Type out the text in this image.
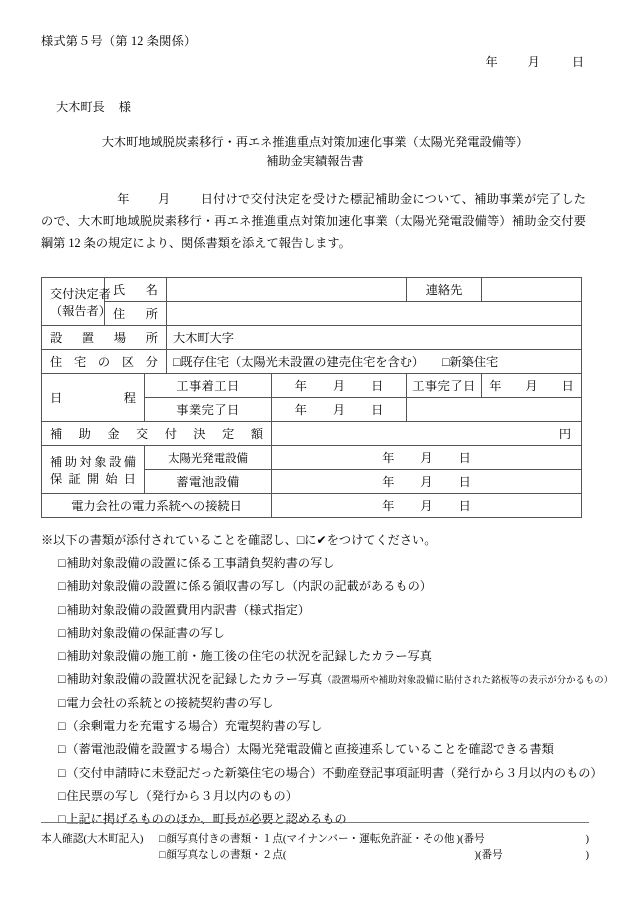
様式第５号（第 12 条関係）
年 月	日
大木町長 様
大木町地域脱炭素移行・再エネ推進重点対策加速化事業（太陽光発電設備等）
補助金実績報告書
年 月 日付けで交付決定を受けた標記補助金について、補助事業が完了したので、大木町地域脱炭素移行・再エネ推進重点対策加速化事業（太陽光発電設備等）補助金交付要綱第 12 条の規定により、関係書類を添えて報告します。
交付決定者
（報告者）	氏　名				連絡先	
	住　所					
設置場所			大木町大字			
住宅の区分			□既存住宅（太陽光未設置の建売住宅を含む） □新築住宅			
日　　程		工事着工日		年 月 日	工事完了日	年 月 日
		事業完了日		年 月 日		
補助金交付決定額				円		

補助対象設備
保証開始日		太陽光発電設備		年 月 日		
		蓄電池設備		年 月 日		
電力会社の電力系統への接続日				年 月 日		
※以下の書類が添付されていることを確認し、□に✔をつけてください。
□補助対象設備の設置に係る工事請負契約書の写し
□補助対象設備の設置に係る領収書の写し（内訳の記載があるもの）
□補助対象設備の設置費用内訳書（様式指定）
□補助対象設備の保証書の写し
□補助対象設備の施工前・施工後の住宅の状況を記録したカラー写真
□補助対象設備の設置状況を記録したカラー写真（設置場所や補助対象設備に貼付された銘板等の表示が分かるもの）
□電力会社の系統との接続契約書の写し
□（余剰電力を充電する場合）充電契約書の写し
□（蓄電池設備を設置する場合）太陽光発電設備と直接連系していることを確認できる書類
□（交付申請時に未登記だった新築住宅の場合）不動産登記事項証明書（発行から３月以内のもの）
□住民票の写し（発行から３月以内のもの）
□上記に掲げるもののほか、町長が必要と認めるもの
本人確認(大木町記入)	□ 顔写真付きの書類・１点( マイナンバー・運転免許証・その他 )(番号	)
□ 顔写真なしの書類・２点(	)(番号	)
